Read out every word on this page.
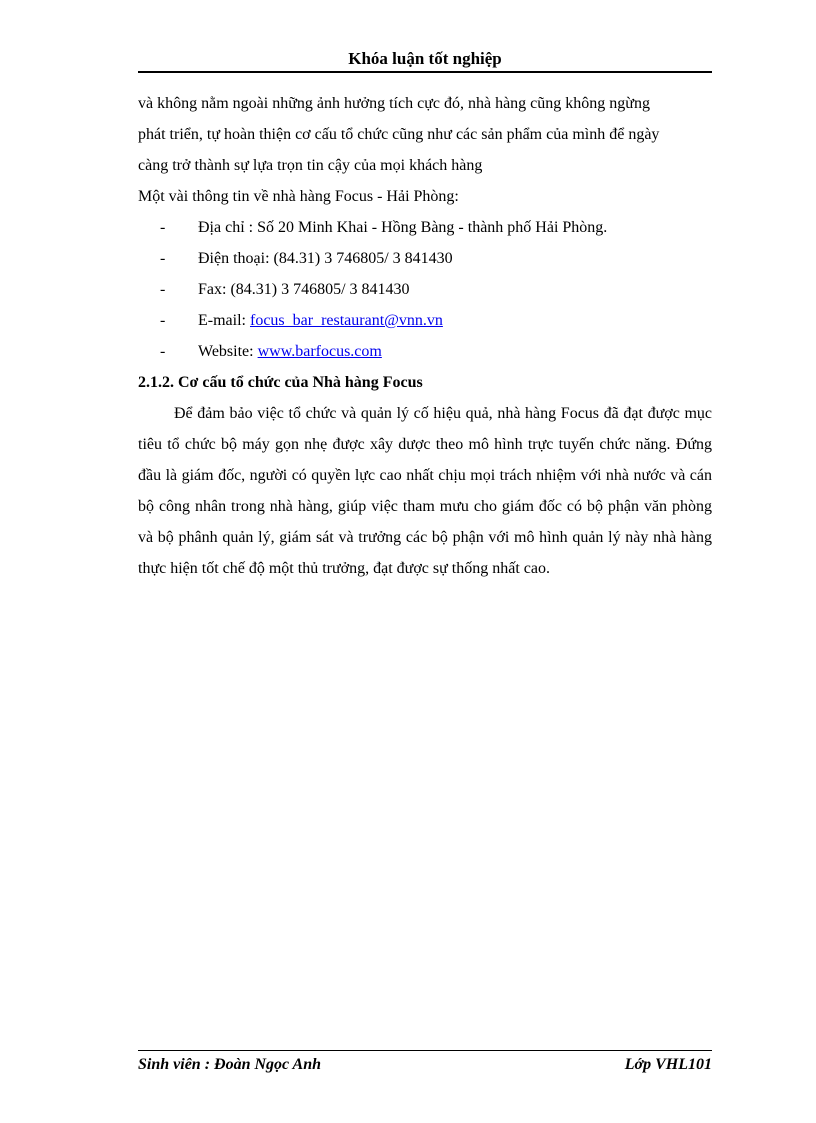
Khóa luận tốt nghiệp

và không nằm ngoài những ảnh hưởng tích cực đó, nhà hàng cũng không ngừng

phát triển, tự hoàn thiện cơ cấu tổ chức cũng như các sản phẩm của mình để ngày

càng trở thành sự lựa trọn tin cậy của mọi khách hàng

Một vài thông tin về nhà hàng Focus - Hải Phòng:

- Địa chỉ : Số 20 Minh Khai - Hồng Bàng - thành phố Hải Phòng.
- Điện thoại: (84.31) 3 746805/ 3 841430
- Fax: (84.31) 3 746805/ 3 841430
- E-mail: focus_bar_restaurant@vnn.vn
- Website: www.barfocus.com

2.1.2. Cơ cấu tổ chức của Nhà hàng Focus

Để đảm bảo việc tổ chức và quản lý cố hiệu quả, nhà hàng Focus đã đạt được mục tiêu tổ chức bộ máy gọn nhẹ được xây dược theo mô hình trực tuyến chức năng. Đứng đầu là giám đốc, người có quyền lực cao nhất chịu mọi trách nhiệm với nhà nước và cán bộ công nhân trong nhà hàng, giúp việc tham mưu cho giám đốc có bộ phận văn phòng và bộ phânh quản lý, giám sát và trưởng các bộ phận với mô hình quản lý này nhà hàng thực hiện tốt chế độ một thủ trưởng, đạt được sự thống nhất cao.

Sinh viên : Đoàn Ngọc Anh	Lớp VHL101
